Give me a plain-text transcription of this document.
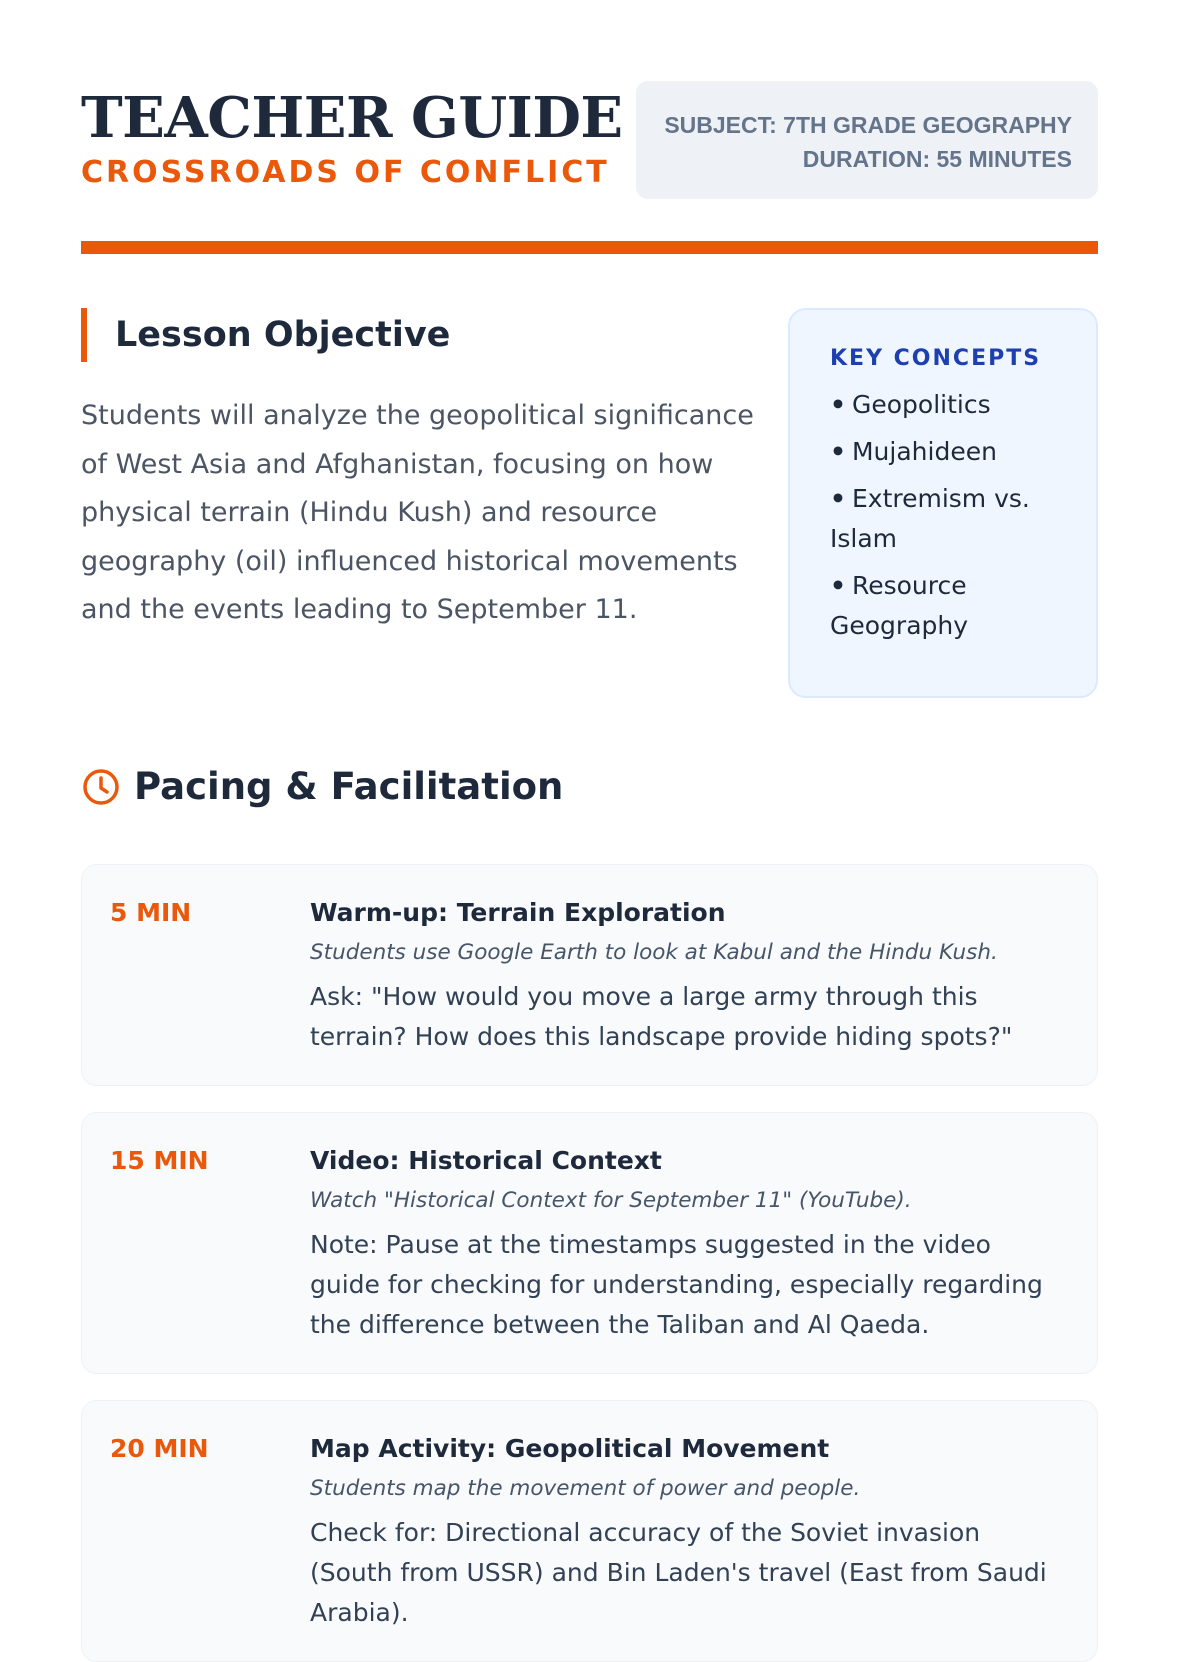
TEACHER GUIDE
CROSSROADS OF CONFLICT
SUBJECT: 7TH GRADE GEOGRAPHY
DURATION: 55 MINUTES
Lesson Objective

Students will analyze the geopolitical significance of West Asia and Afghanistan, focusing on how physical terrain (Hindu Kush) and resource geography (oil) influenced historical movements and the events leading to September 11.

KEY CONCEPTS
• Geopolitics
• Mujahideen
• Extremism vs. Islam
• Resource Geography
Pacing & Facilitation
5 MIN	Warm-up: Terrain Exploration
Students use Google Earth to look at Kabul and the Hindu Kush.
Ask: "How would you move a large army through this terrain? How does this landscape provide hiding spots?"
15 MIN	Video: Historical Context
Watch "Historical Context for September 11" (YouTube).
Note: Pause at the timestamps suggested in the video guide for checking for understanding, especially regarding the difference between the Taliban and Al Qaeda.
20 MIN	Map Activity: Geopolitical Movement
Students map the movement of power and people.
Check for: Directional accuracy of the Soviet invasion (South from USSR) and Bin Laden's travel (East from Saudi Arabia).
